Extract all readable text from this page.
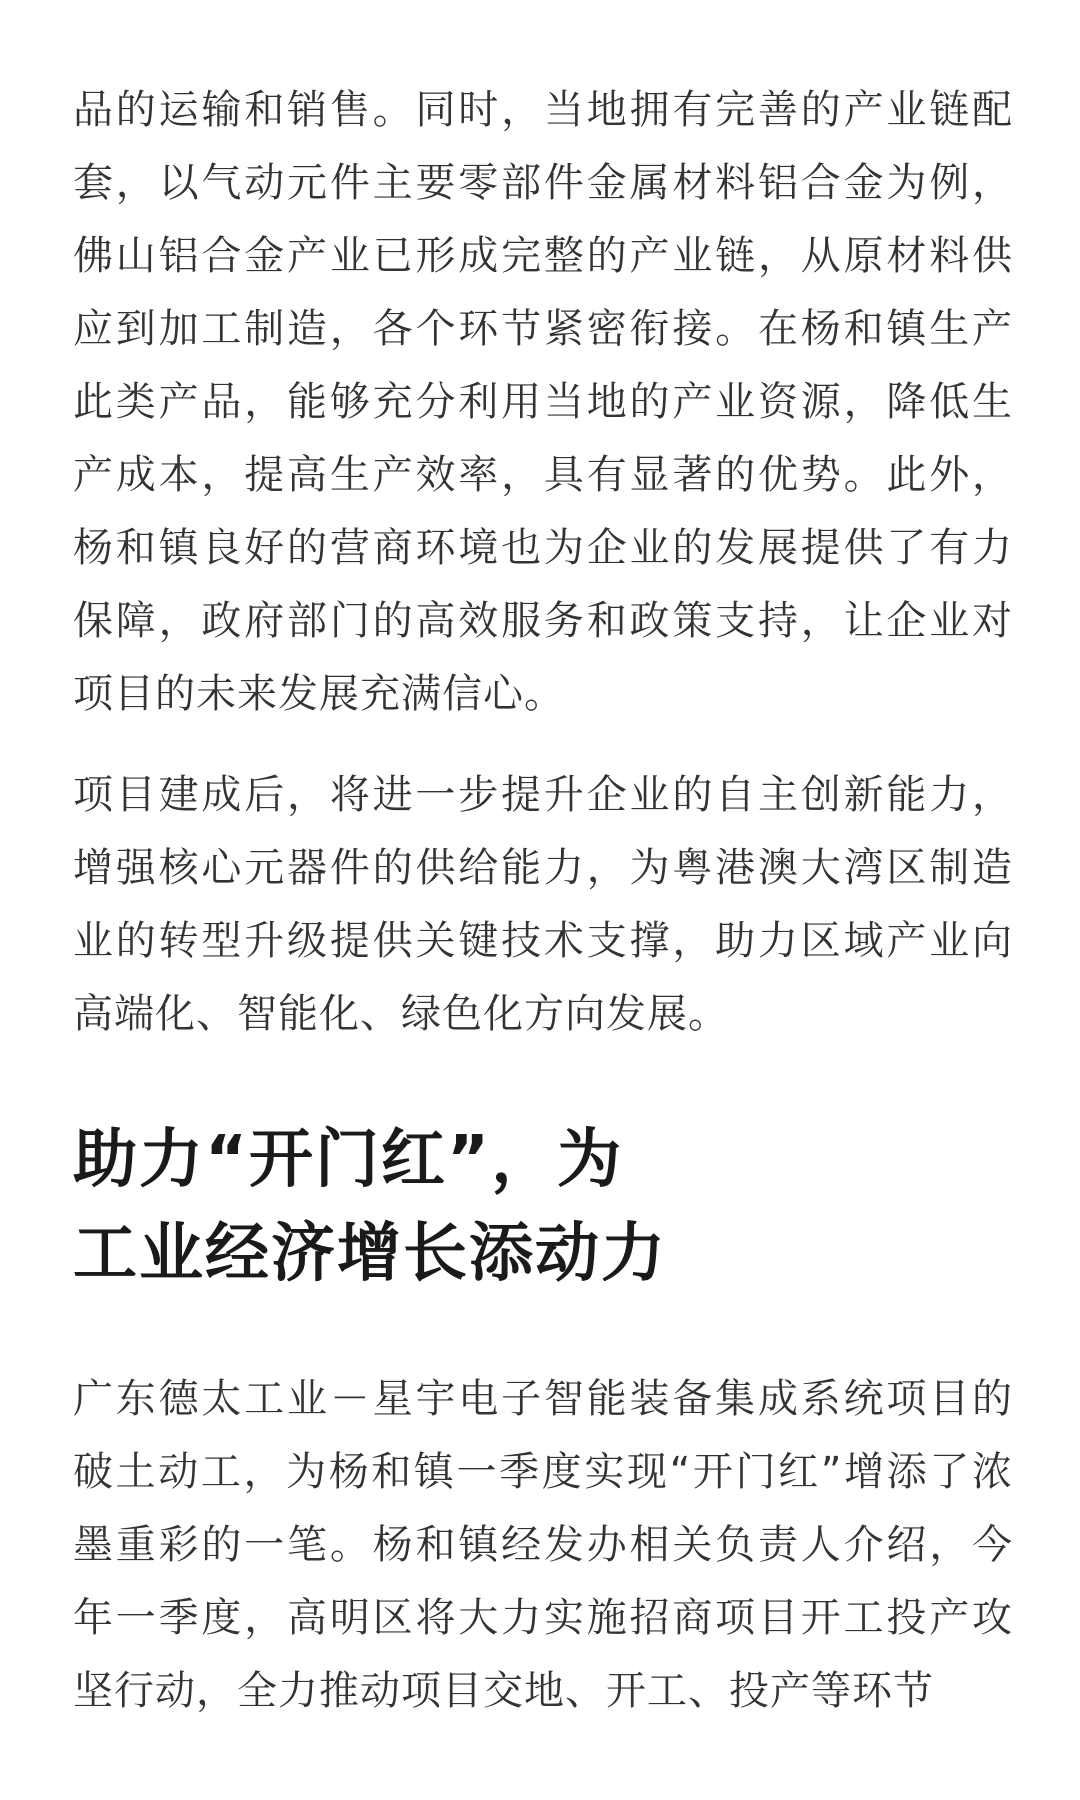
品的运输和销售。同时，当地拥有完善的产业链配套，以气动元件主要零部件金属材料铝合金为例，佛山铝合金产业已形成完整的产业链，从原材料供应到加工制造，各个环节紧密衔接。在杨和镇生产此类产品，能够充分利用当地的产业资源，降低生产成本，提高生产效率，具有显著的优势。此外，杨和镇良好的营商环境也为企业的发展提供了有力保障，政府部门的高效服务和政策支持，让企业对项目的未来发展充满信心。

项目建成后，将进一步提升企业的自主创新能力，增强核心元器件的供给能力，为粤港澳大湾区制造业的转型升级提供关键技术支撑，助力区域产业向高端化、智能化、绿色化方向发展。

助力“开门红”，为
工业经济增长添动力

广东德太工业－星宇电子智能装备集成系统项目的破土动工，为杨和镇一季度实现“开门红”增添了浓墨重彩的一笔。杨和镇经发办相关负责人介绍，今年一季度，高明区将大力实施招商项目开工投产攻坚行动，全力推动项目交地、开工、投产等环节
